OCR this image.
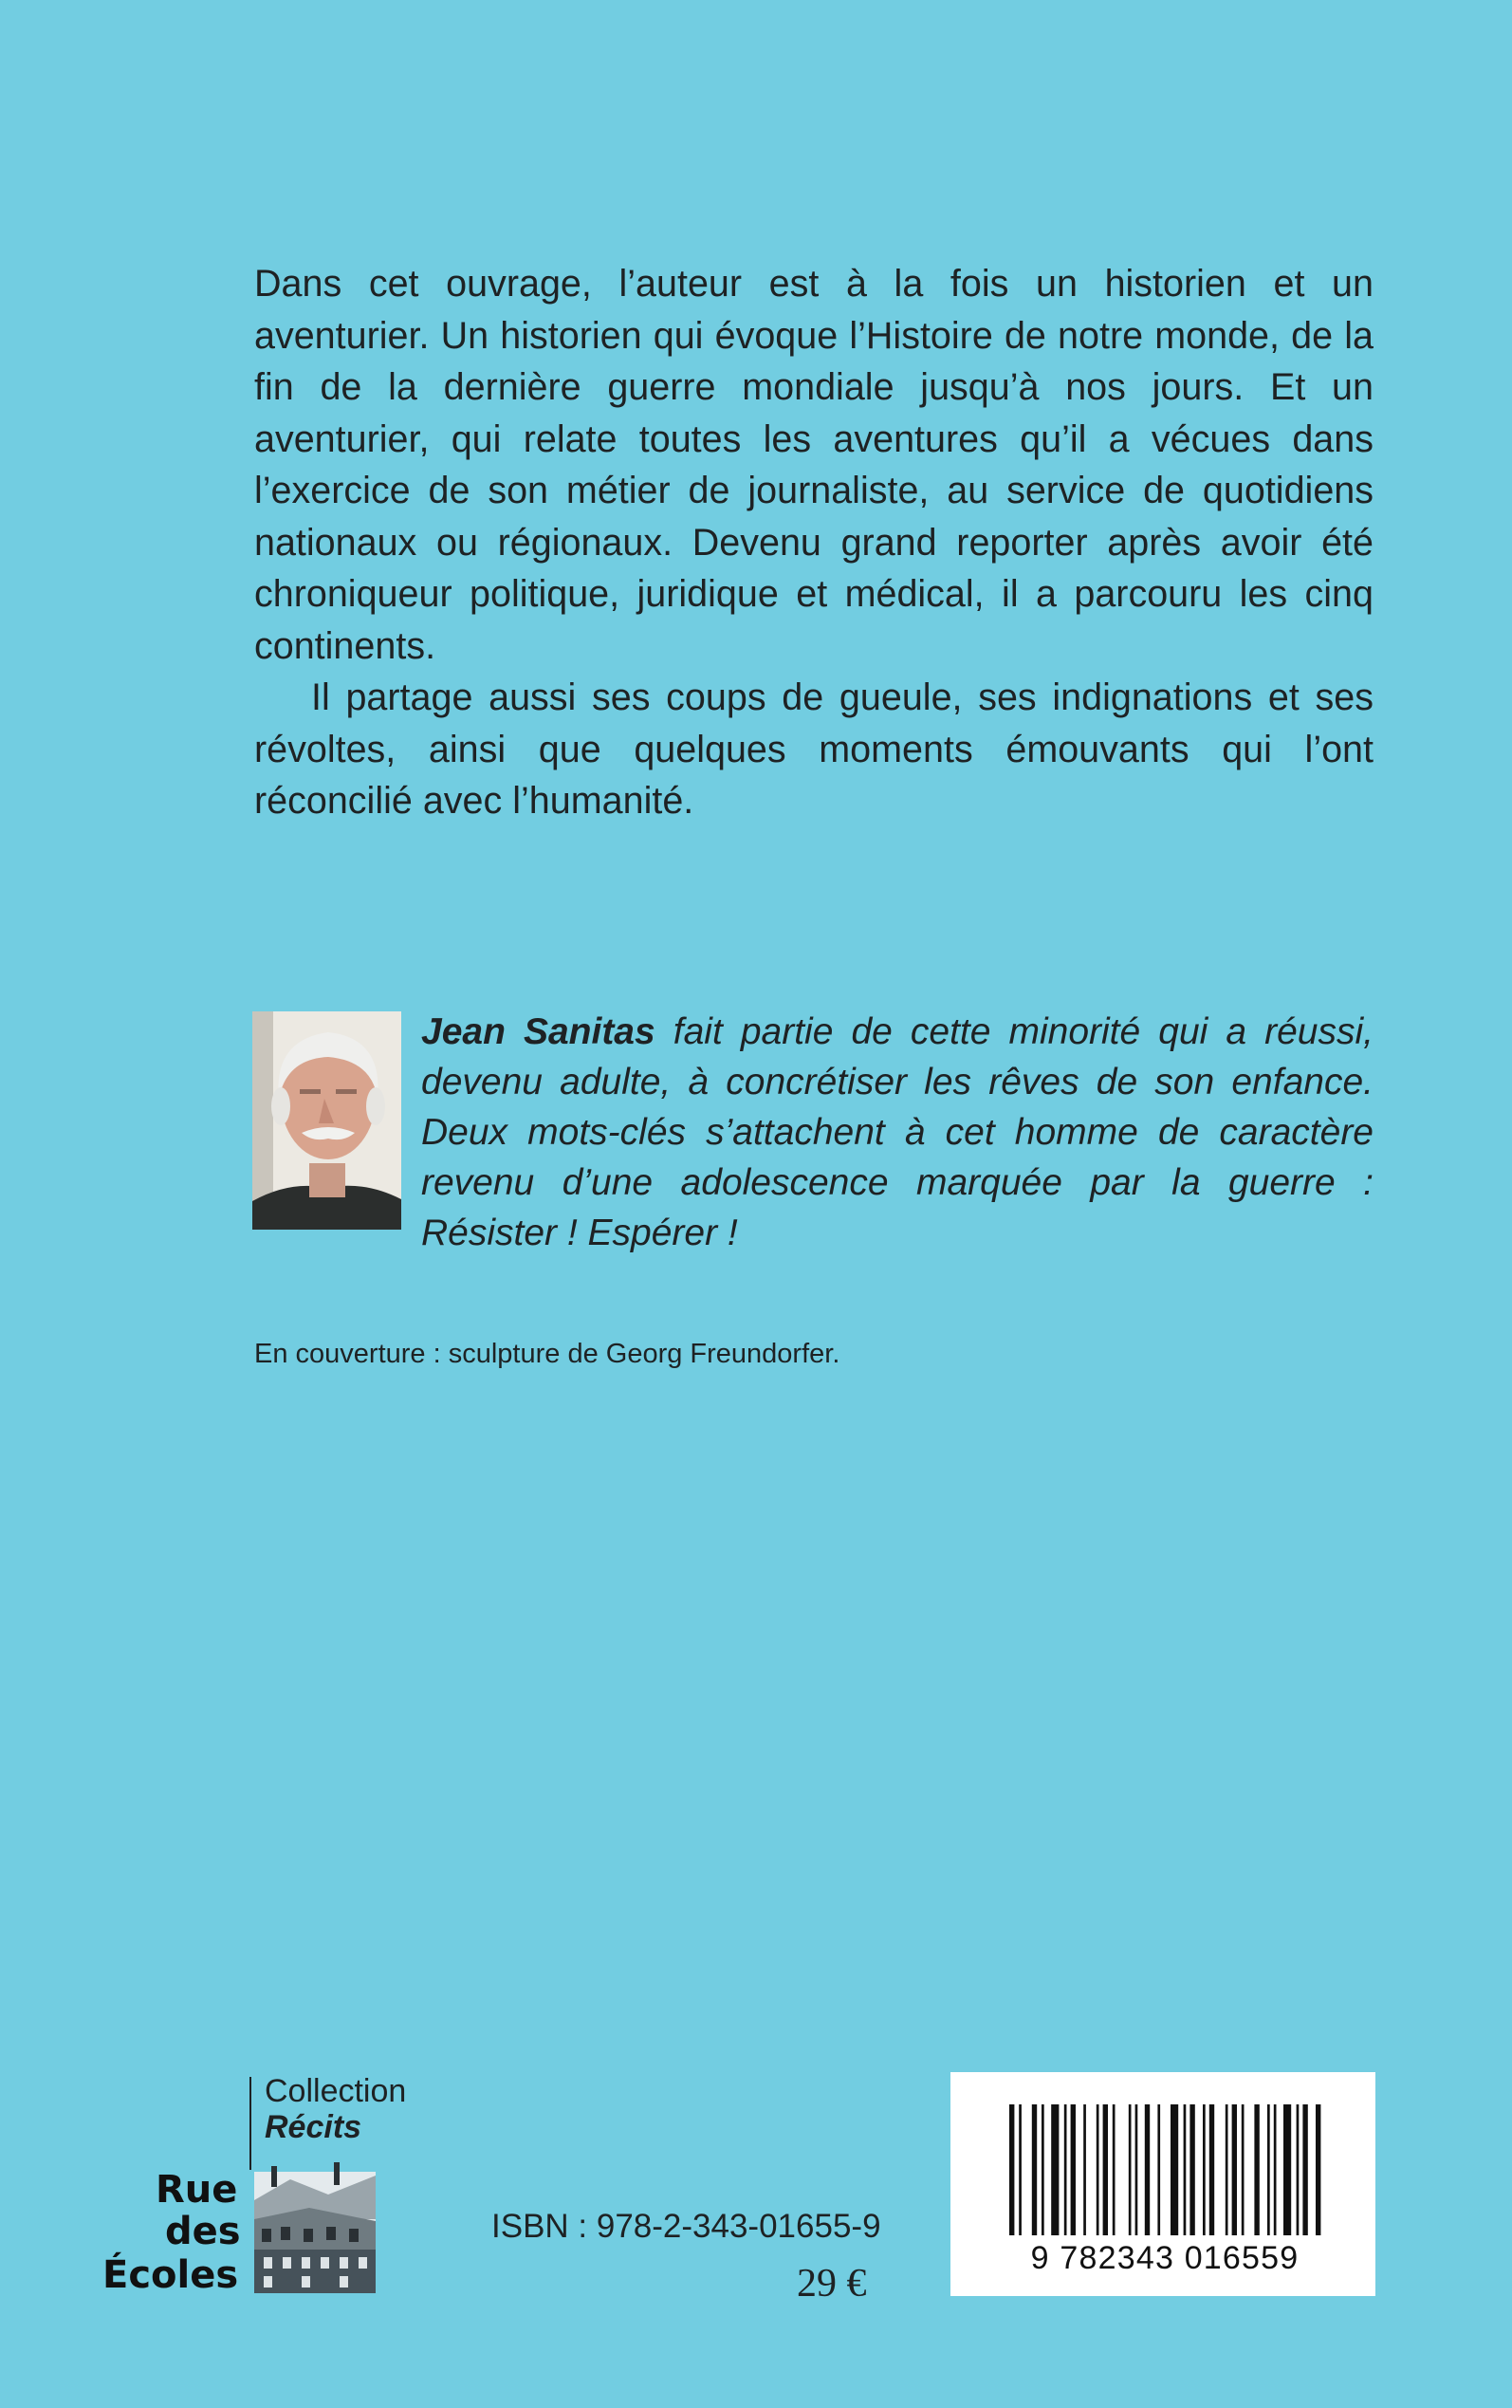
Dans cet ouvrage, l’auteur est à la fois un historien et un aventurier. Un historien qui évoque l’Histoire de notre monde, de la fin de la dernière guerre mondiale jusqu’à nos jours. Et un aventurier, qui relate toutes les aventures qu’il a vécues dans l’exercice de son métier de journaliste, au service de quotidiens nationaux ou régionaux. Devenu grand reporter après avoir été chroniqueur politique, juridique et médical, il a parcouru les cinq continents.

Il partage aussi ses coups de gueule, ses indignations et ses révoltes, ainsi que quelques moments émouvants qui l’ont réconcilié avec l’humanité.

Jean Sanitas fait partie de cette minorité qui a réussi, devenu adulte, à concrétiser les rêves de son enfance. Deux mots-clés s’attachent à cet homme de caractère revenu d’une adolescence marquée par la guerre : Résister ! Espérer !

En couverture : sculpture de Georg Freundorfer.
Collection
Récits
Rue
des
Écoles
ISBN : 978-2-343-01655-9
29 €
9 782343 016559
